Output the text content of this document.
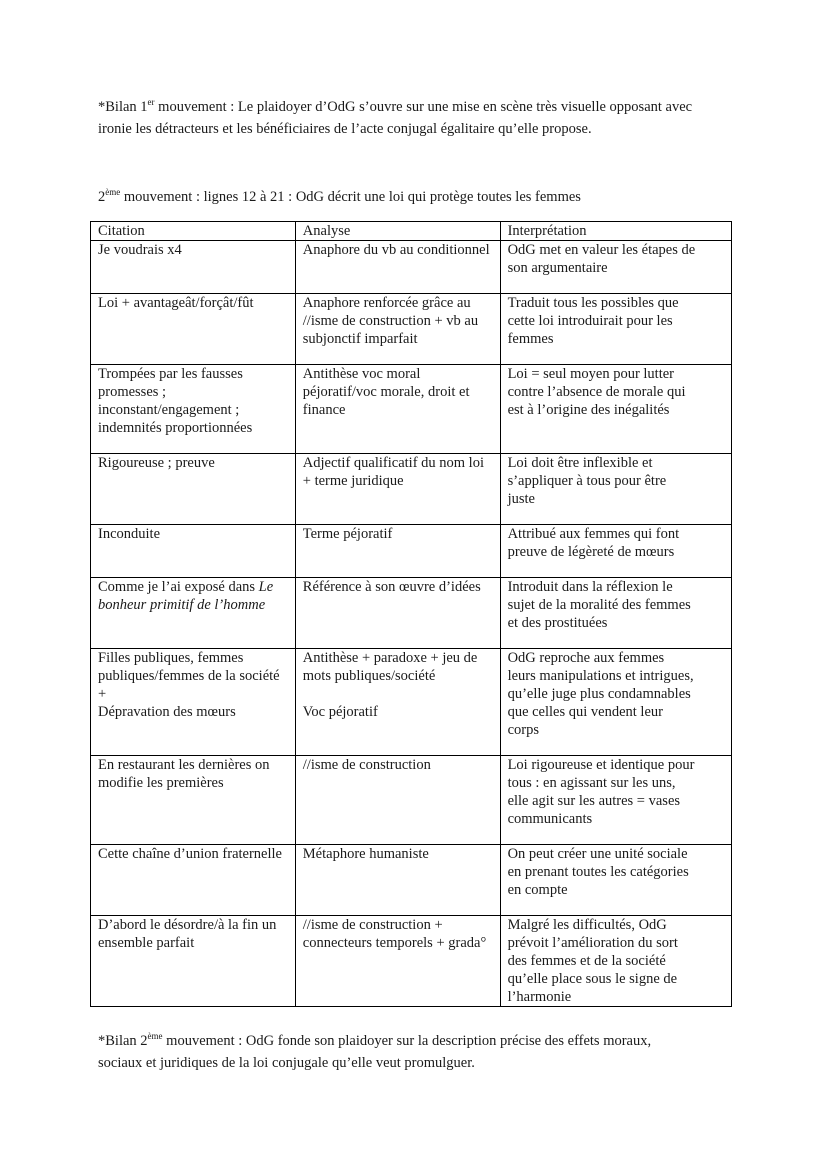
*Bilan 1er mouvement : Le plaidoyer d’OdG s’ouvre sur une mise en scène très visuelle opposant avec
ironie les détracteurs et les bénéficiaires de l’acte conjugal égalitaire qu’elle propose.
2ème mouvement : lignes 12 à 21 : OdG décrit une loi qui protège toutes les femmes
Citation	Analyse	Interprétation

Je voudrais x4	Anaphore du vb au conditionnel	OdG met en valeur les étapes de
son argumentaire

Loi + avantageât/forçât/fût	Anaphore renforcée grâce au
//isme de construction + vb au
subjonctif imparfait	Traduit tous les possibles que
cette loi introduirait pour les
femmes

Trompées par les fausses
promesses ;
inconstant/engagement ;
indemnités proportionnées	Antithèse voc moral
péjoratif/voc morale, droit et
finance	Loi = seul moyen pour lutter
contre l’absence de morale qui
est à l’origine des inégalités

Rigoureuse ; preuve	Adjectif qualificatif du nom loi
+ terme juridique	Loi doit être inflexible et
s’appliquer à tous pour être
juste

Inconduite	Terme péjoratif	Attribué aux femmes qui font
preuve de légèreté de mœurs

Comme je l’ai exposé dans Le
bonheur primitif de l’homme	Référence à son œuvre d’idées	Introduit dans la réflexion le
sujet de la moralité des femmes
et des prostituées

Filles publiques, femmes
publiques/femmes de la société
+
Dépravation des mœurs	Antithèse + paradoxe + jeu de
mots publiques/société
Voc péjoratif	OdG reproche aux femmes
leurs manipulations et intrigues,
qu’elle juge plus condamnables
que celles qui vendent leur
corps

En restaurant les dernières on
modifie les premières	//isme de construction	Loi rigoureuse et identique pour
tous : en agissant sur les uns,
elle agit sur les autres = vases
communicants

Cette chaîne d’union fraternelle	Métaphore humaniste	On peut créer une unité sociale
en prenant toutes les catégories
en compte

D’abord le désordre/à la fin un
ensemble parfait	//isme de construction +
connecteurs temporels + grada°	Malgré les difficultés, OdG
prévoit l’amélioration du sort
des femmes et de la société
qu’elle place sous le signe de
l’harmonie
*Bilan 2ème mouvement : OdG fonde son plaidoyer sur la description précise des effets moraux,
sociaux et juridiques de la loi conjugale qu’elle veut promulguer.
